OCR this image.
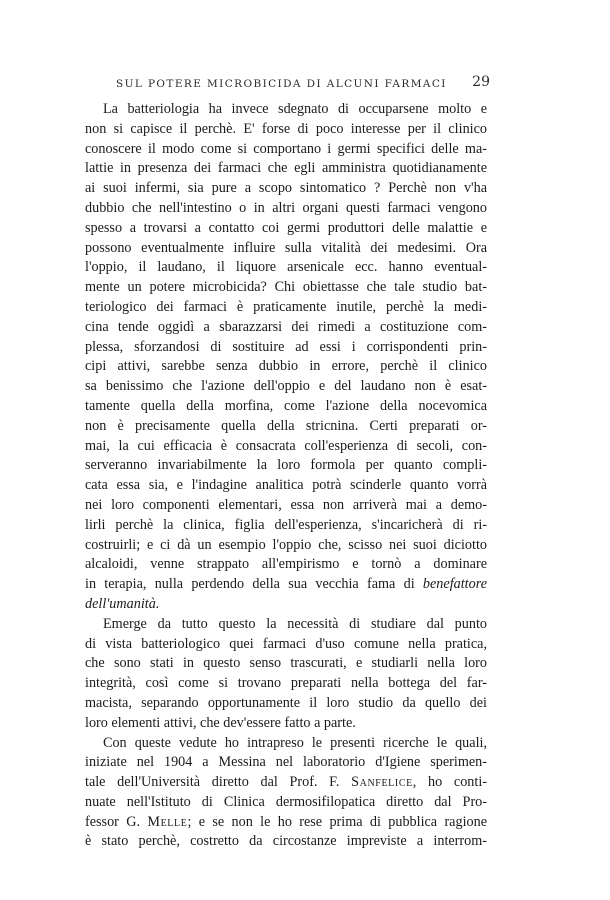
SUL POTERE MICROBICIDA DI ALCUNI FARMACI 29
La batteriologia ha invece sdegnato di occuparsene molto e
non si capisce il perchè. E' forse di poco interesse per il clinico
conoscere il modo come si comportano i germi specifici delle ma-
lattie in presenza dei farmaci che egli amministra quotidianamente
ai suoi infermi, sia pure a scopo sintomatico ? Perchè non v'ha
dubbio che nell'intestino o in altri organi questi farmaci vengono
spesso a trovarsi a contatto coi germi produttori delle malattie e
possono eventualmente influire sulla vitalità dei medesimi. Ora
l'oppio, il laudano, il liquore arsenicale ecc. hanno eventual-
mente un potere microbicida? Chi obiettasse che tale studio bat-
teriologico dei farmaci è praticamente inutile, perchè la medi-
cina tende oggidì a sbarazzarsi dei rimedi a costituzione com-
plessa, sforzandosi di sostituire ad essi i corrispondenti prin-
cipi attivi, sarebbe senza dubbio in errore, perchè il clinico
sa benissimo che l'azione dell'oppio e del laudano non è esat-
tamente quella della morfina, come l'azione della nocevomica
non è precisamente quella della stricnina. Certi preparati or-
mai, la cui efficacia è consacrata coll'esperienza di secoli, con-
serveranno invariabilmente la loro formola per quanto compli-
cata essa sia, e l'indagine analitica potrà scinderle quanto vorrà
nei loro componenti elementari, essa non arriverà mai a demo-
lirli perchè la clinica, figlia dell'esperienza, s'incaricherà di ri-
costruirli; e ci dà un esempio l'oppio che, scisso nei suoi diciotto
alcaloidi, venne strappato all'empirismo e tornò a dominare
in terapia, nulla perdendo della sua vecchia fama di benefattore
dell'umanità.
Emerge da tutto questo la necessità di studiare dal punto
di vista batteriologico quei farmaci d'uso comune nella pratica,
che sono stati in questo senso trascurati, e studiarli nella loro
integrità, così come si trovano preparati nella bottega del far-
macista, separando opportunamente il loro studio da quello dei
loro elementi attivi, che dev'essere fatto a parte.
Con queste vedute ho intrapreso le presenti ricerche le quali,
iniziate nel 1904 a Messina nel laboratorio d'Igiene sperimen-
tale dell'Università diretto dal Prof. F. Sanfelice, ho conti-
nuate nell'Istituto di Clinica dermosifilopatica diretto dal Pro-
fessor G. Melle; e se non le ho rese prima di pubblica ragione
è stato perchè, costretto da circostanze impreviste a interrom-
